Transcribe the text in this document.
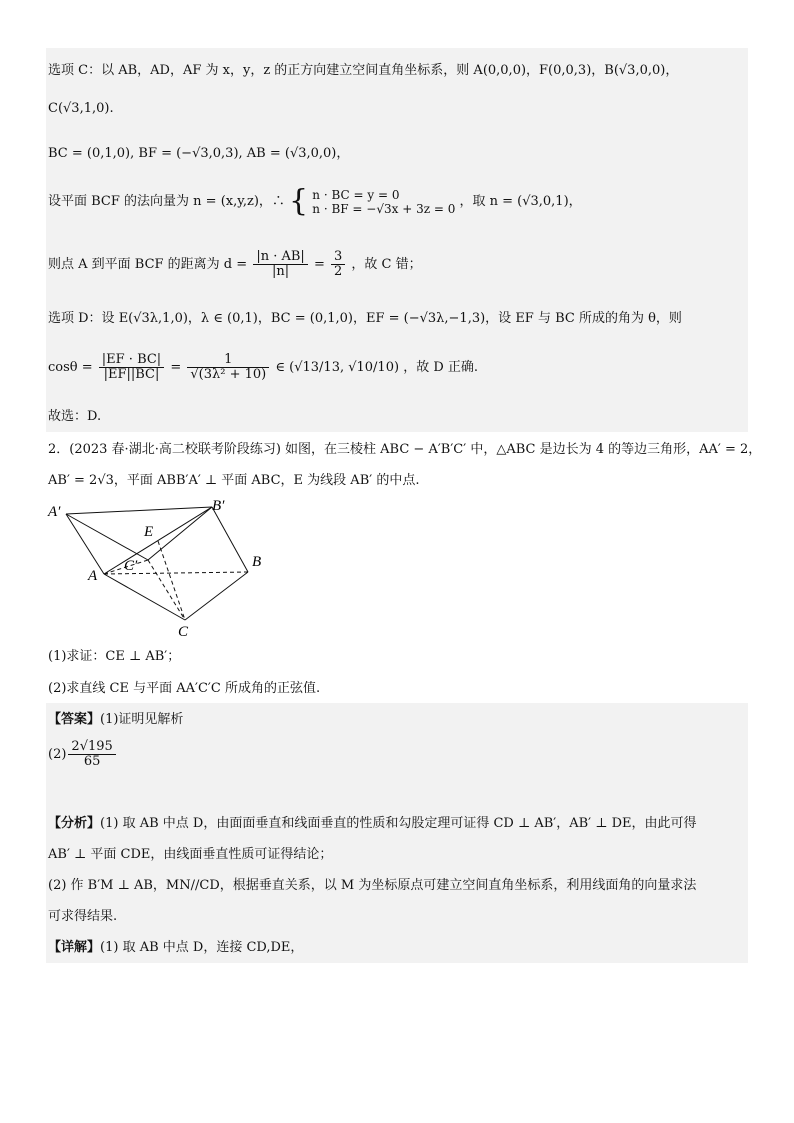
选项 C：以 AB，AD，AF 为 x，y，z 的正方向建立空间直角坐标系，则 A(0,0,0)，F(0,0,3)，B(√3,0,0)，
C(√3,1,0).
BC = (0,1,0), BF = (−√3,0,3), AB = (√3,0,0)，
设平面 BCF 的法向量为 n = (x,y,z)，∴ { n · BC = y = 0
n · BF = −√3x + 3z = 0 ，取 n = (√3,0,1)，
则点 A 到平面 BCF 的距离为 $d = \frac{|n \cdot AB|}{|n|} = \frac{3}{2}$ ，故 C 错；
选项 D：设 E(√3λ,1,0)，λ ∈ (0,1)，BC = (0,1,0)，EF = (−√3λ,−1,3)，设 EF 与 BC 所成的角为 θ，则
$\cos\theta = \frac{|EF \cdot BC|}{|EF||BC|} = \frac{1}{\text{√(3λ² + 10)}}$ ∈ (√13/13, √10/10) ，故 D 正确.
故选：D.
2．(2023 春·湖北·高二校联考阶段练习) 如图，在三棱柱 ABC − A′B′C′ 中，△ABC 是边长为 4 的等边三角形，AA′ = 2，
AB′ = 2√3，平面 ABB′A′ ⊥ 平面 ABC，E 为线段 AB′ 的中点.
A′	B′
E
C′
A
B
C
(1)求证：CE ⊥ AB′；
(2)求直线 CE 与平面 AA′C′C 所成角的正弦值.
【答案】(1)证明见解析
$(2) \frac{2√195}{65}$
【分析】(1) 取 AB 中点 D，由面面垂直和线面垂直的性质和勾股定理可证得 CD ⊥ AB′，AB′ ⊥ DE，由此可得
AB′ ⊥ 平面 CDE，由线面垂直性质可证得结论；
(2) 作 B′M ⊥ AB，MN//CD，根据垂直关系，以 M 为坐标原点可建立空间直角坐标系，利用线面角的向量求法
可求得结果.
【详解】(1) 取 AB 中点 D，连接 CD,DE，
